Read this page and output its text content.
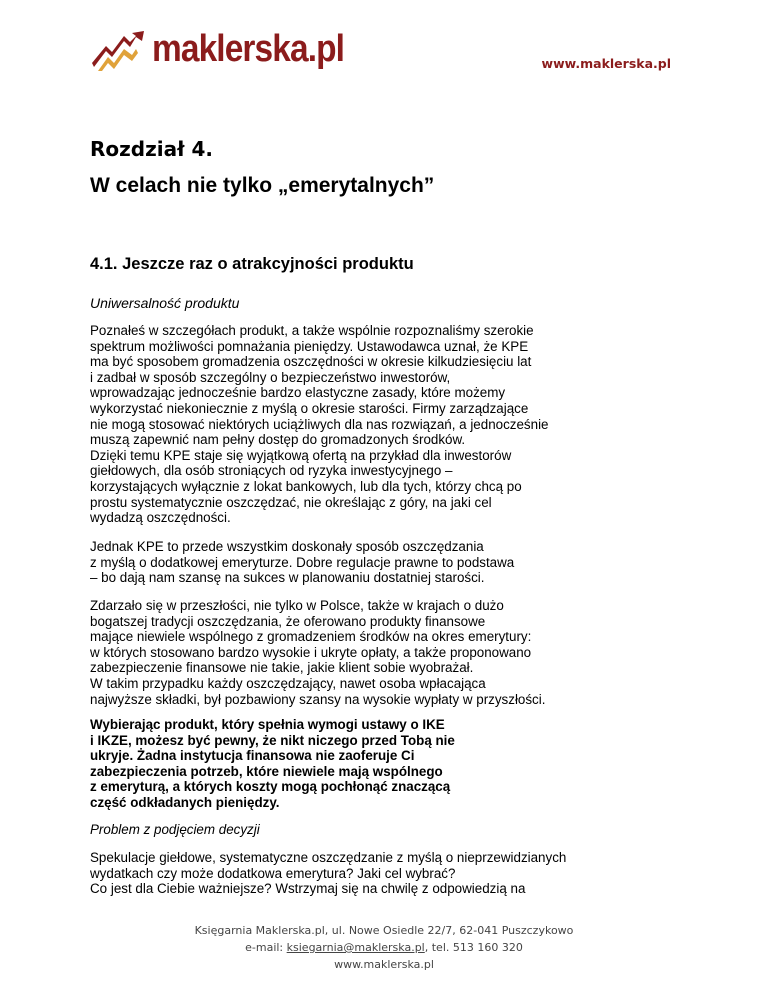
maklerska.pl	www.maklerska.pl
Rozdział 4.
W celach nie tylko „emerytalnych”
4.1. Jeszcze raz o atrakcyjności produktu
Uniwersalność produktu
Poznałeś w szczegółach produkt, a także wspólnie rozpoznaliśmy szerokie
spektrum możliwości pomnażania pieniędzy. Ustawodawca uznał, że KPE
ma być sposobem gromadzenia oszczędności w okresie kilkudziesięciu lat
i zadbał w sposób szczególny o bezpieczeństwo inwestorów,
wprowadzając jednocześnie bardzo elastyczne zasady, które możemy
wykorzystać niekoniecznie z myślą o okresie starości. Firmy zarządzające
nie mogą stosować niektórych uciążliwych dla nas rozwiązań, a jednocześnie
muszą zapewnić nam pełny dostęp do gromadzonych środków.
Dzięki temu KPE staje się wyjątkową ofertą na przykład dla inwestorów
giełdowych, dla osób stroniących od ryzyka inwestycyjnego –
korzystających wyłącznie z lokat bankowych, lub dla tych, którzy chcą po
prostu systematycznie oszczędzać, nie określając z góry, na jaki cel
wydadzą oszczędności.
Jednak KPE to przede wszystkim doskonały sposób oszczędzania
z myślą o dodatkowej emeryturze. Dobre regulacje prawne to podstawa
– bo dają nam szansę na sukces w planowaniu dostatniej starości.
Zdarzało się w przeszłości, nie tylko w Polsce, także w krajach o dużo
bogatszej tradycji oszczędzania, że oferowano produkty finansowe
mające niewiele wspólnego z gromadzeniem środków na okres emerytury:
w których stosowano bardzo wysokie i ukryte opłaty, a także proponowano
zabezpieczenie finansowe nie takie, jakie klient sobie wyobrażał.
W takim przypadku każdy oszczędzający, nawet osoba wpłacająca
najwyższe składki, był pozbawiony szansy na wysokie wypłaty w przyszłości.
Wybierając produkt, który spełnia wymogi ustawy o IKE
i IKZE, możesz być pewny, że nikt niczego przed Tobą nie
ukryje. Żadna instytucja finansowa nie zaoferuje Ci
zabezpieczenia potrzeb, które niewiele mają wspólnego
z emeryturą, a których koszty mogą pochłonąć znaczącą
część odkładanych pieniędzy.
Problem z podjęciem decyzji
Spekulacje giełdowe, systematyczne oszczędzanie z myślą o nieprzewidzianych
wydatkach czy może dodatkowa emerytura? Jaki cel wybrać?
Co jest dla Ciebie ważniejsze? Wstrzymaj się na chwilę z odpowiedzią na
Księgarnia Maklerska.pl, ul. Nowe Osiedle 22/7, 62-041 Puszczykowo
e-mail: ksiegarnia@maklerska.pl, tel. 513 160 320
www.maklerska.pl
